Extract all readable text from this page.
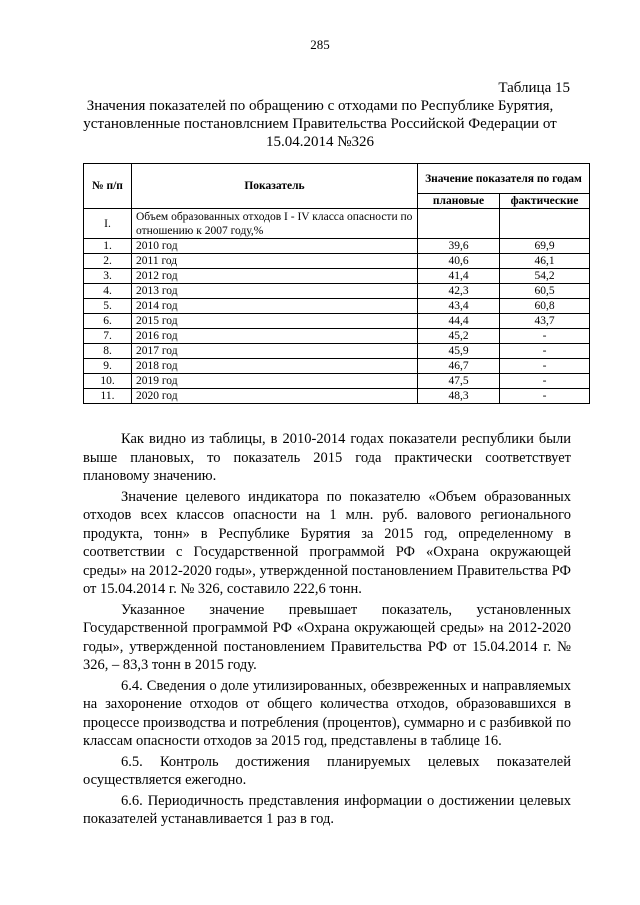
285
Таблица 15
Значения показателей по обращению с отходами по Республике Бурятия, установленные постановлснием Правительства Российской Федерации от 15.04.2014 №326
№ п/п	Показатель	Значение показателя по годам	
		плановые	фактические
I.	Объем образованных отходов I - IV класса опасности по отношению к 2007 году,%		
1.	2010 год	39,6	69,9
2.	2011 год	40,6	46,1
3.	2012 год	41,4	54,2
4.	2013 год	42,3	60,5
5.	2014 год	43,4	60,8
6.	2015 год	44,4	43,7
7.	2016 год	45,2	-
8.	2017 год	45,9	-
9.	2018 год	46,7	-
10.	2019 год	47,5	-
11.	2020 год	48,3	-

Как видно из таблицы, в 2010-2014 годах показатели республики были выше плановых, то показатель 2015 года практически соответствует плановому значению.

Значение целевого индикатора по показателю «Объем образованных отходов всех классов опасности на 1 млн. руб. валового регионального продукта, тонн» в Республике Бурятия за 2015 год, определенному в соответствии с Государственной программой РФ «Охрана окружающей среды» на 2012-2020 годы», утвержденной постановлением Правительства РФ от 15.04.2014 г. № 326, составило 222,6 тонн.

Указанное значение превышает показатель, установленных Государственной программой РФ «Охрана окружающей среды» на 2012-2020 годы», утвержденной постановлением Правительства РФ от 15.04.2014 г. № 326, – 83,3 тонн в 2015 году.

6.4. Сведения о доле утилизированных, обезвреженных и направляемых на захоронение отходов от общего количества отходов, образовавшихся в процессе производства и потребления (процентов), суммарно и с разбивкой по классам опасности отходов за 2015 год, представлены в таблице 16.

6.5. Контроль достижения планируемых целевых показателей осуществляется ежегодно.

6.6. Периодичность представления информации о достижении целевых показателей устанавливается 1 раз в год.
